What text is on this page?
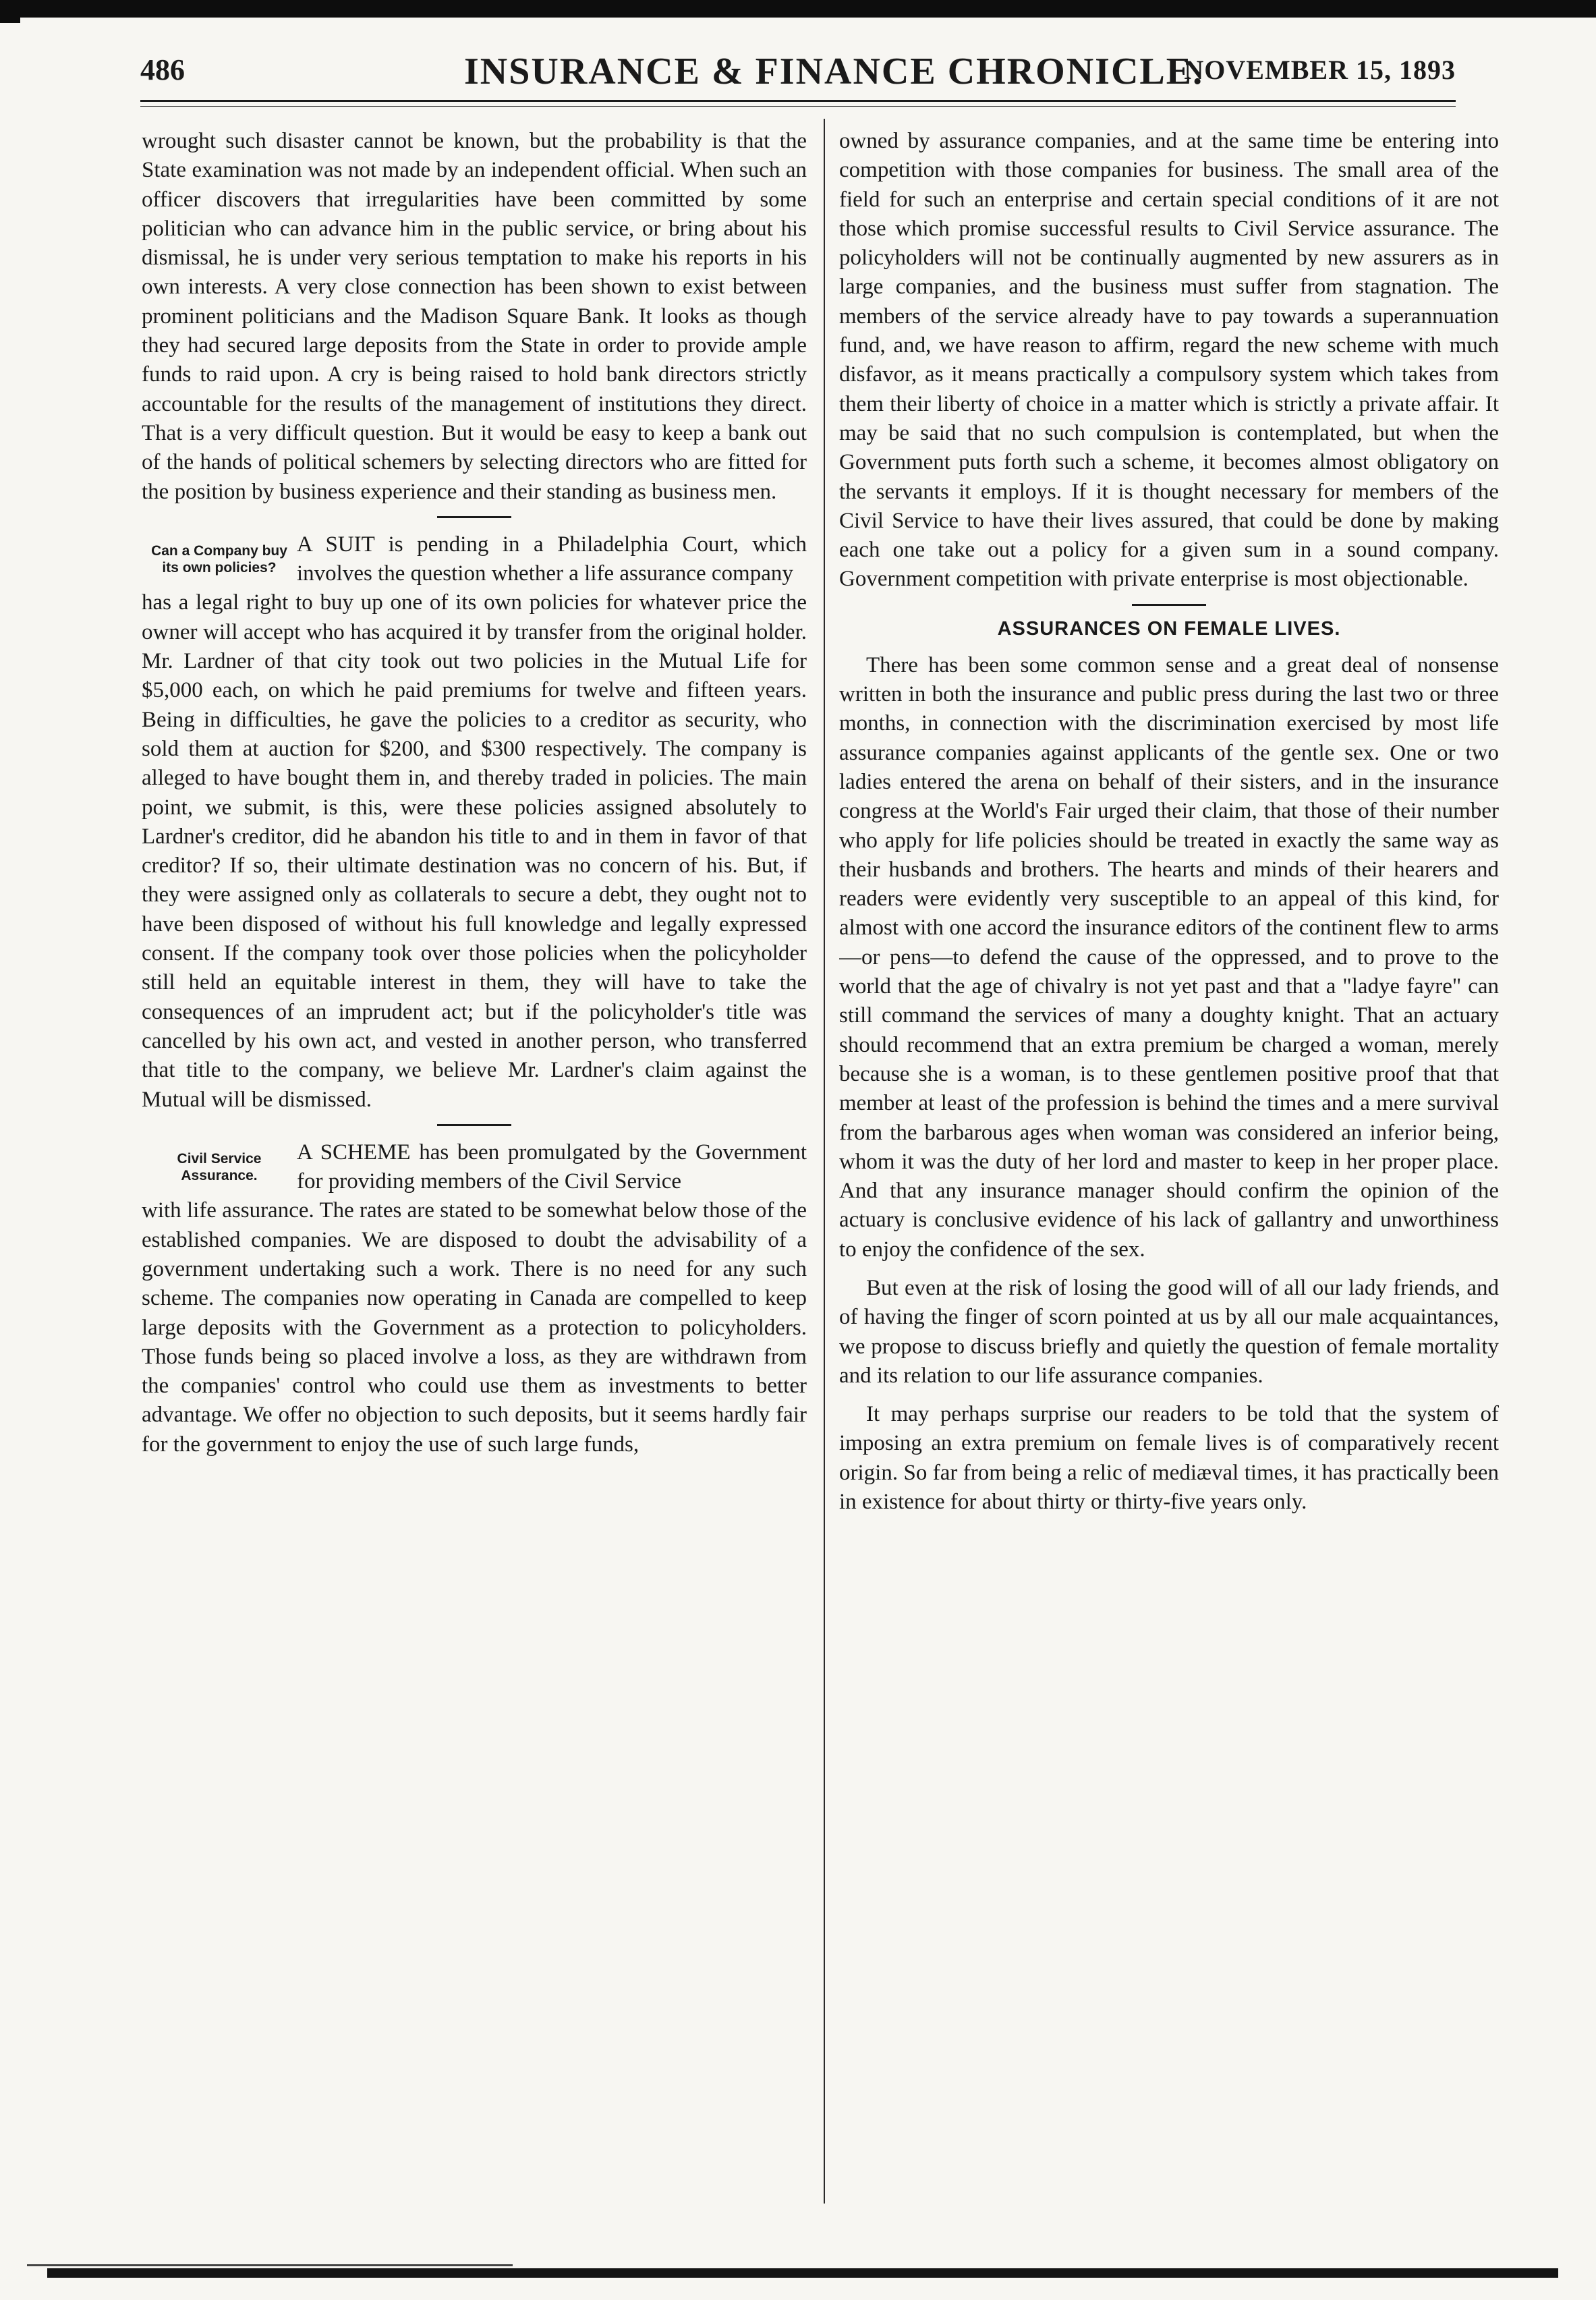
486	INSURANCE & FINANCE CHRONICLE.
NOVEMBER 15, 1893

wrought such disaster cannot be known, but the probability is that the State examination was not made by an independent official. When such an officer discovers that irregularities have been committed by some politician who can advance him in the public service, or bring about his dismissal, he is under very serious temptation to make his reports in his own interests. A very close connection has been shown to exist between prominent politicians and the Madison Square Bank. It looks as though they had secured large deposits from the State in order to provide ample funds to raid upon. A cry is being raised to hold bank directors strictly accountable for the results of the management of institutions they direct. That is a very difficult question. But it would be easy to keep a bank out of the hands of political schemers by selecting directors who are fitted for the position by business experience and their standing as business men.

Can a Company buy its own policies?

A SUIT is pending in a Philadelphia Court, which involves the question whether a life assurance company

has a legal right to buy up one of its own policies for whatever price the owner will accept who has acquired it by transfer from the original holder. Mr. Lardner of that city took out two policies in the Mutual Life for $5,000 each, on which he paid premiums for twelve and fifteen years. Being in difficulties, he gave the policies to a creditor as security, who sold them at auction for $200, and $300 respectively. The company is alleged to have bought them in, and thereby traded in policies. The main point, we submit, is this, were these policies assigned absolutely to Lardner's creditor, did he abandon his title to and in them in favor of that creditor? If so, their ultimate destination was no concern of his. But, if they were assigned only as collaterals to secure a debt, they ought not to have been disposed of without his full knowledge and legally expressed consent. If the company took over those policies when the policyholder still held an equitable interest in them, they will have to take the consequences of an imprudent act; but if the policyholder's title was cancelled by his own act, and vested in another person, who transferred that title to the company, we believe Mr. Lardner's claim against the Mutual will be dismissed.

Civil Service Assurance.

A SCHEME has been promulgated by the Government for providing members of the Civil Service

with life assurance. The rates are stated to be somewhat below those of the established companies. We are disposed to doubt the advisability of a government undertaking such a work. There is no need for any such scheme. The companies now operating in Canada are compelled to keep large deposits with the Government as a protection to policyholders. Those funds being so placed involve a loss, as they are withdrawn from the companies' control who could use them as investments to better advantage. We offer no objection to such deposits, but it seems hardly fair for the government to enjoy the use of such large funds,

owned by assurance companies, and at the same time be entering into competition with those companies for business. The small area of the field for such an enterprise and certain special conditions of it are not those which promise successful results to Civil Service assurance. The policyholders will not be continually augmented by new assurers as in large companies, and the business must suffer from stagnation. The members of the service already have to pay towards a superannuation fund, and, we have reason to affirm, regard the new scheme with much disfavor, as it means practically a compulsory system which takes from them their liberty of choice in a matter which is strictly a private affair. It may be said that no such compulsion is contemplated, but when the Government puts forth such a scheme, it becomes almost obligatory on the servants it employs. If it is thought necessary for members of the Civil Service to have their lives assured, that could be done by making each one take out a policy for a given sum in a sound company. Government competition with private enterprise is most objectionable.

ASSURANCES ON FEMALE LIVES.

There has been some common sense and a great deal of nonsense written in both the insurance and public press during the last two or three months, in connection with the discrimination exercised by most life assurance companies against applicants of the gentle sex. One or two ladies entered the arena on behalf of their sisters, and in the insurance congress at the World's Fair urged their claim, that those of their number who apply for life policies should be treated in exactly the same way as their husbands and brothers. The hearts and minds of their hearers and readers were evidently very susceptible to an appeal of this kind, for almost with one accord the insurance editors of the continent flew to arms—or pens—to defend the cause of the oppressed, and to prove to the world that the age of chivalry is not yet past and that a "ladye fayre" can still command the services of many a doughty knight. That an actuary should recommend that an extra premium be charged a woman, merely because she is a woman, is to these gentlemen positive proof that that member at least of the profession is behind the times and a mere survival from the barbarous ages when woman was considered an inferior being, whom it was the duty of her lord and master to keep in her proper place. And that any insurance manager should confirm the opinion of the actuary is conclusive evidence of his lack of gallantry and unworthiness to enjoy the confidence of the sex.

But even at the risk of losing the good will of all our lady friends, and of having the finger of scorn pointed at us by all our male acquaintances, we propose to discuss briefly and quietly the question of female mortality and its relation to our life assurance companies.

It may perhaps surprise our readers to be told that the system of imposing an extra premium on female lives is of comparatively recent origin. So far from being a relic of mediæval times, it has practically been in existence for about thirty or thirty-five years only.
